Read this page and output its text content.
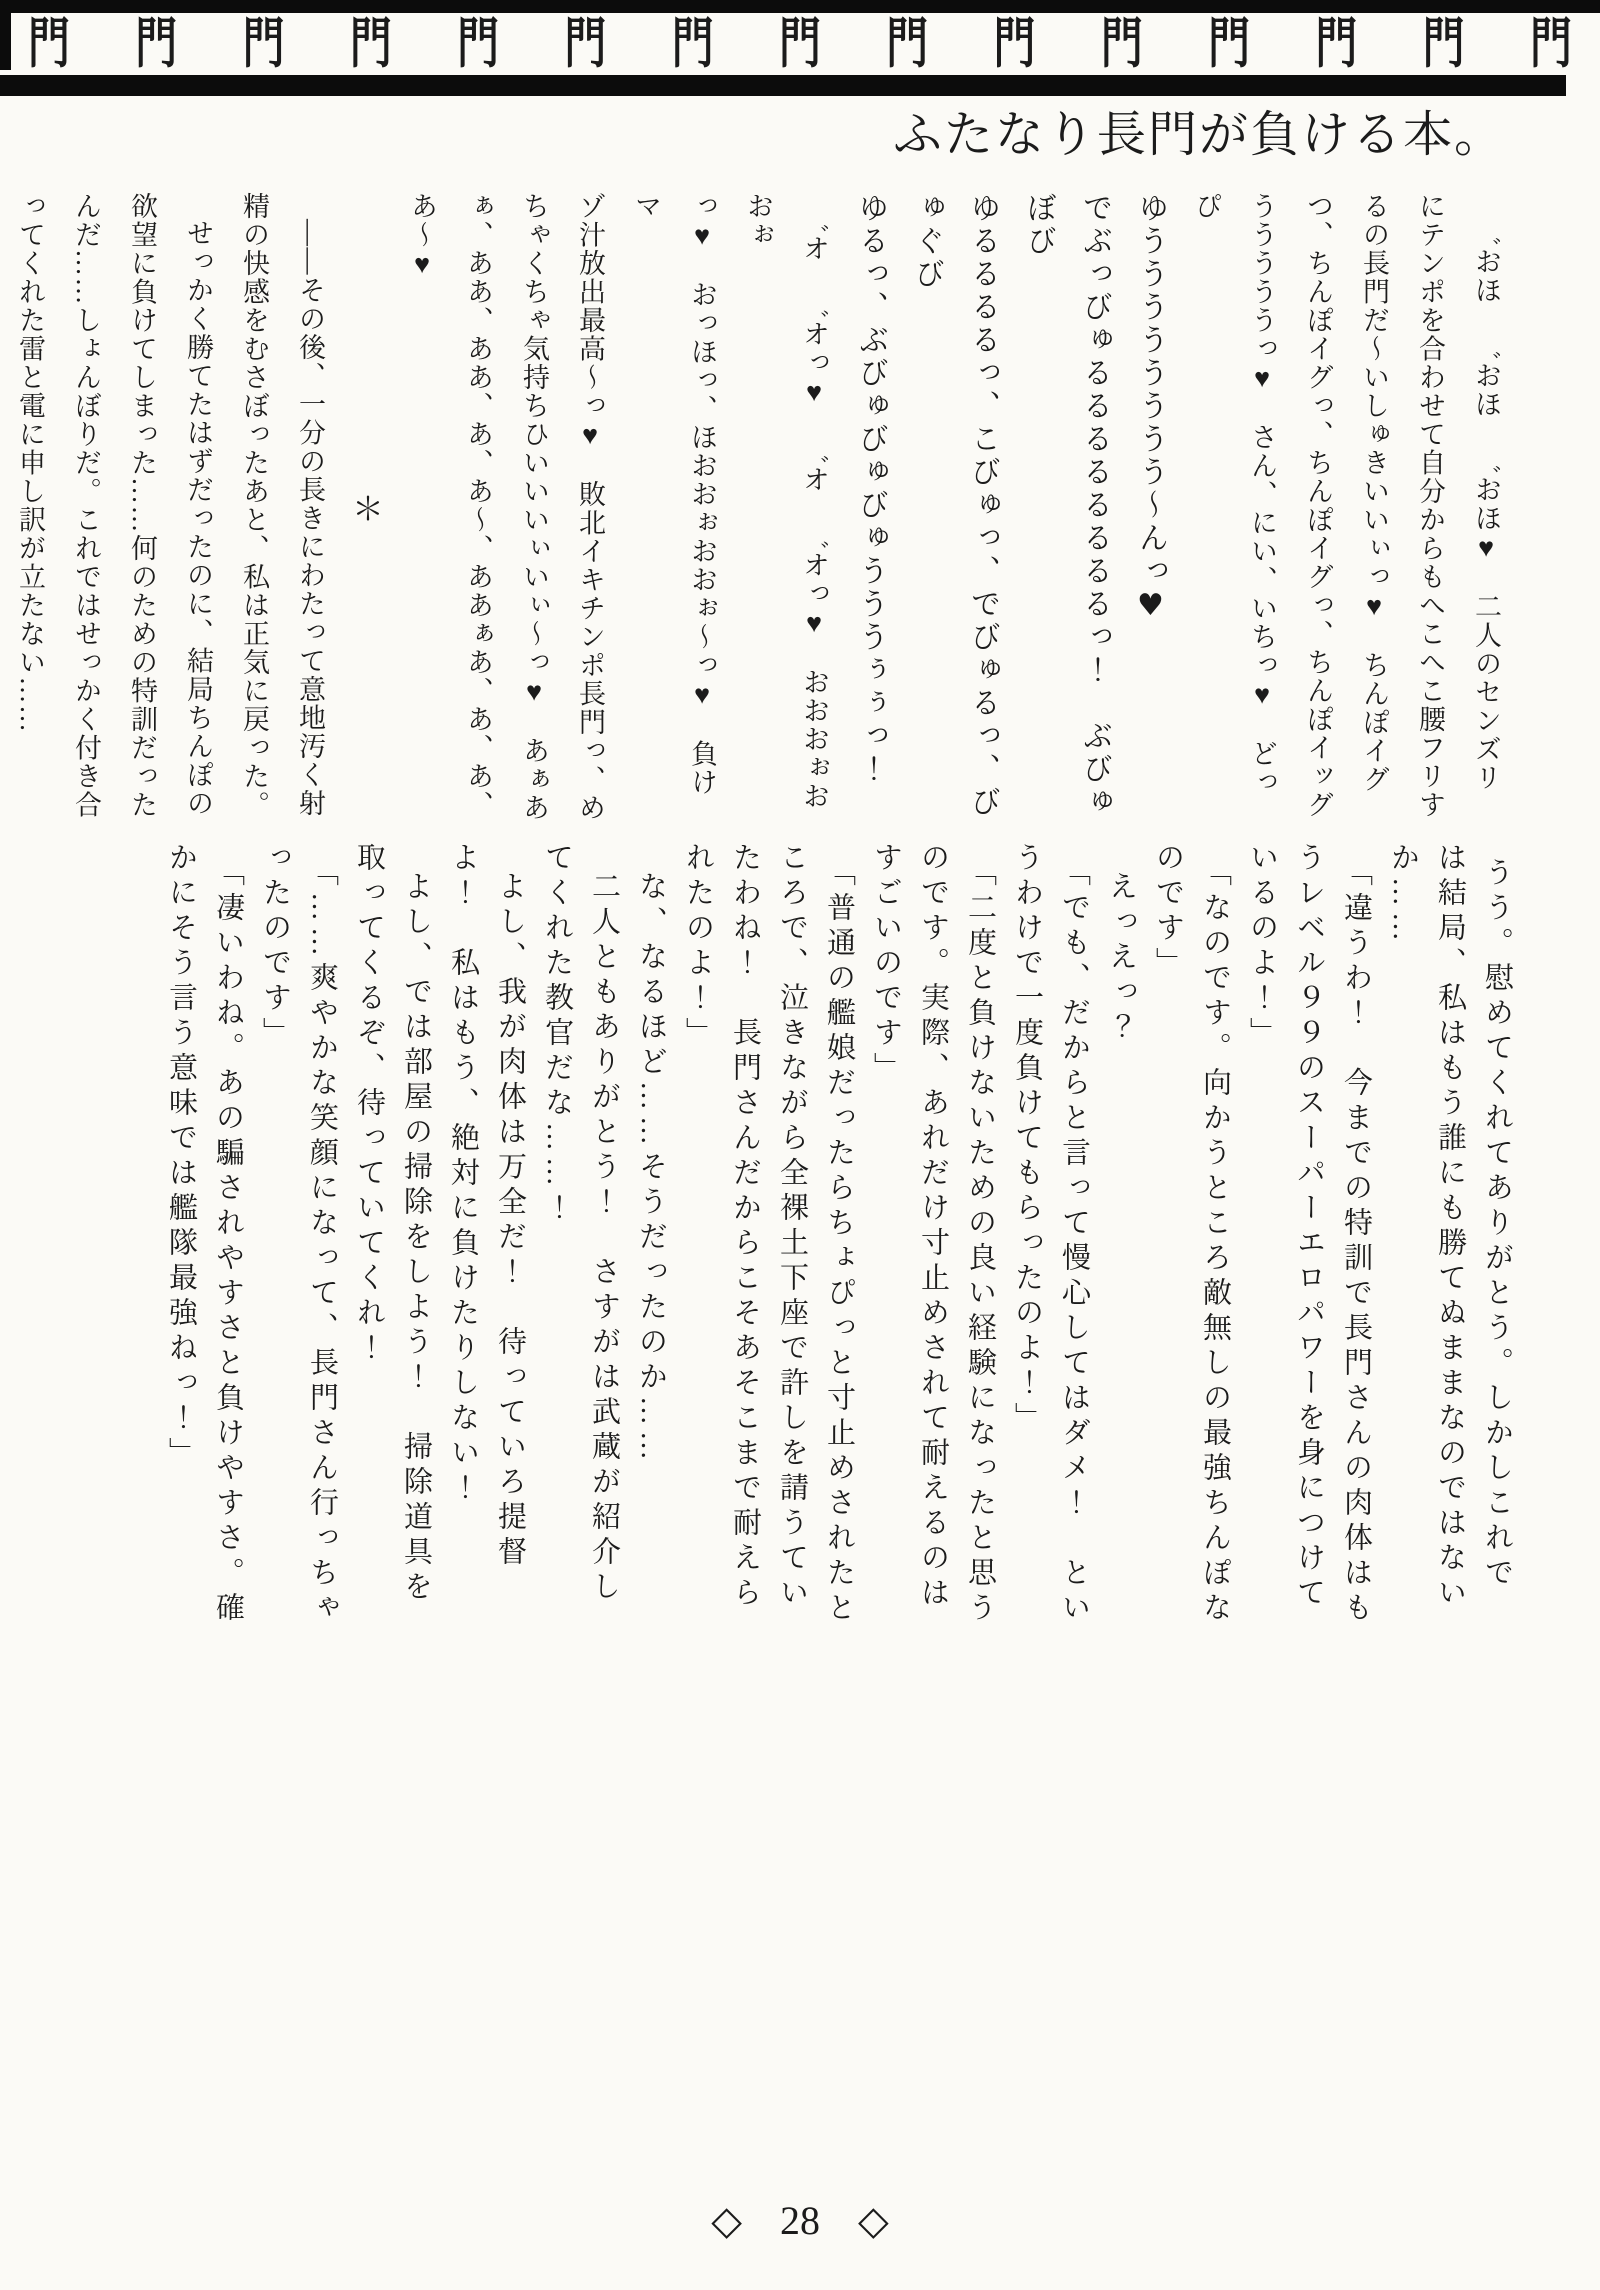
門 門 門 門 門 門 門 門 門 門 門 門 門 門 門
ふたなり長門が負ける本。

゛おほ　゛おほ　゛おほ♥　二人のセンズリ

にテンポを合わせて自分からもへこへこ腰フリす

るの長門だ～いしゅきいいぃっ♥　ちんぽイグ

つ、ちんぽイグっ、ちんぽイグっ、ちんぽイッグ

うううううっ♥　さん、にい、いちっ♥　どっぴ

ゆうううううううう～んっ♥

でぶっびゅるるるるるるるるっ！　ぶびゅぼび

ゆるるるるっ、こびゅっ、でびゅるっ、びゅぐび

ゆるっ、ぶびゅびゅびゅうううぅぅっ！

゛オ　゛オっ♥　゛オ　゛オっ♥　おおおぉおおぉ

っ♥　おっほっ、ほおおぉおおぉ～っ♥　負けマ

ゾ汁放出最高～っ♥　敗北イキチンポ長門っ、め

ちゃくちゃ気持ちひいいいぃいぃ～っ♥　あぁあ

ぁ、ああ、ああ、あ、あ～、ああぁあ、あ、あ、

あ～♥

＊

――その後、一分の長きにわたって意地汚く射

精の快感をむさぼったあと、私は正気に戻った。

せっかく勝てたはずだったのに、結局ちんぽの

欲望に負けてしまった……何のための特訓だった

んだ……しょんぼりだ。これではせっかく付き合

ってくれた雷と電に申し訳が立たない……

うう。慰めてくれてありがとう。しかしこれで

は結局、私はもう誰にも勝てぬままなのではない

か……

「違うわ！　今までの特訓で長門さんの肉体はも

うレベル９９のスーパーエロパワーを身につけて

いるのよ！」

「なのです。向かうところ敵無しの最強ちんぽな

のです」

えっえっ？

「でも、だからと言って慢心してはダメ！　とい

うわけで一度負けてもらったのよ！」

「二度と負けないための良い経験になったと思う

のです。実際、あれだけ寸止めされて耐えるのは

すごいのです」

「普通の艦娘だったらちょぴっと寸止めされたと

ころで、泣きながら全裸土下座で許しを請うてい

たわね！　長門さんだからこそあそこまで耐えら

れたのよ！」

な、なるほど……そうだったのか……

二人ともありがとう！　さすがは武蔵が紹介し

てくれた教官だな……！

よし、我が肉体は万全だ！　待っていろ提督

よ！　私はもう、絶対に負けたりしない！

よし、では部屋の掃除をしよう！　掃除道具を

取ってくるぞ、待っていてくれ！

「……爽やかな笑顔になって、長門さん行っちゃ

ったのです」

「凄いわね。あの騙されやすさと負けやすさ。確

かにそう言う意味では艦隊最強ねっ！」

◇ 28 ◇
